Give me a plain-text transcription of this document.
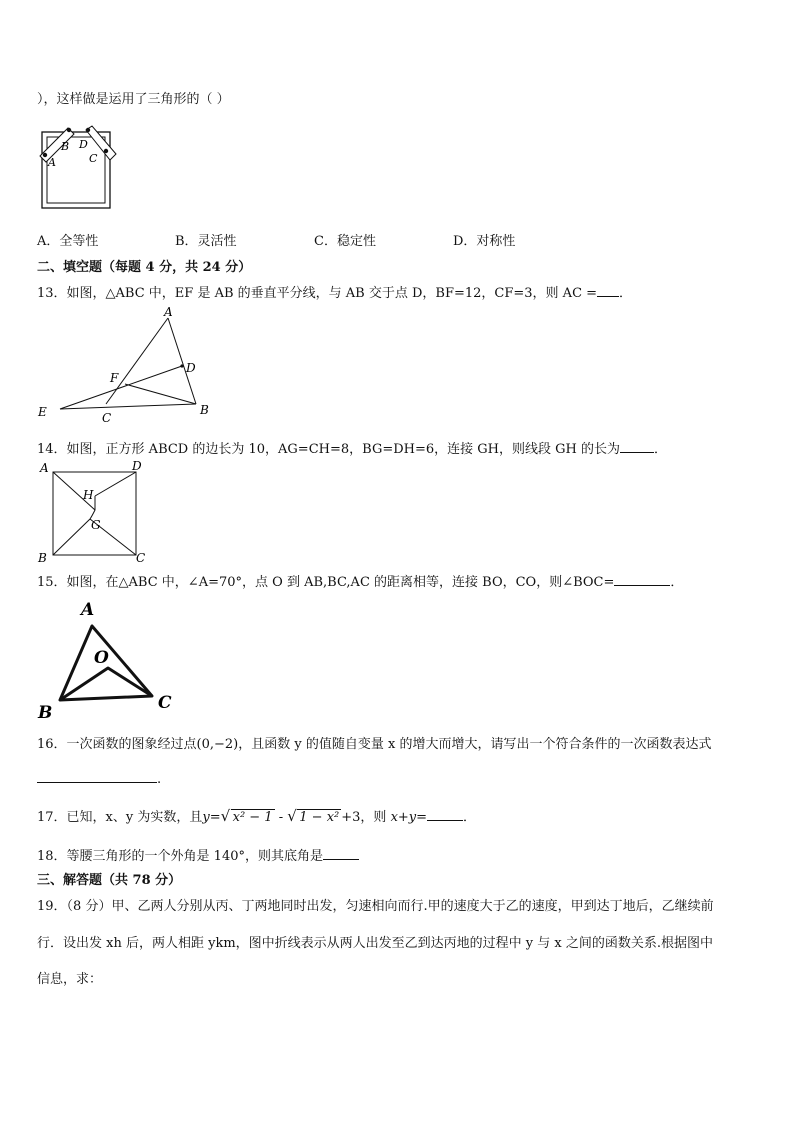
），这样做是运用了三角形的（ ）
A
B D
C
A．全等性	B．灵活性	C．稳定性	D．对称性
二、填空题（每题 4 分，共 24 分）
13．如图，△ABC 中，EF 是 AB 的垂直平分线，与 AB 交于点 D，BF=12，CF=3，则 AC = ．
A
D
F
E	C
B
14．如图，正方形 ABCD 的边长为 10，AG=CH=8，BG=DH=6，连接 GH，则线段 GH 的长为	．
A	D
H
G
B	C
15．如图，在△ABC 中，∠A=70°，点 O 到 AB,BC,AC 的距离相等，连接 BO，CO，则∠BOC=	．
A
O
B	C
16．一次函数的图象经过点(0,−2)，且函数 y 的值随自变量 x 的增大而增大，请写出一个符合条件的一次函数表达式
.
17．已知，x、y 为实数，且y= √ x² − 1 - √ 1 − x² +3，则 x+y=	．
18．等腰三角形的一个外角是 140°，则其底角是
三、解答题（共 78 分）
19．（8 分）甲、乙两人分别从丙、丁两地同时出发，匀速相向而行.甲的速度大于乙的速度，甲到达丁地后，乙继续前
行．设出发 xh 后，两人相距 ykm，图中折线表示从两人出发至乙到达丙地的过程中 y 与 x 之间的函数关系.根据图中
信息，求：
